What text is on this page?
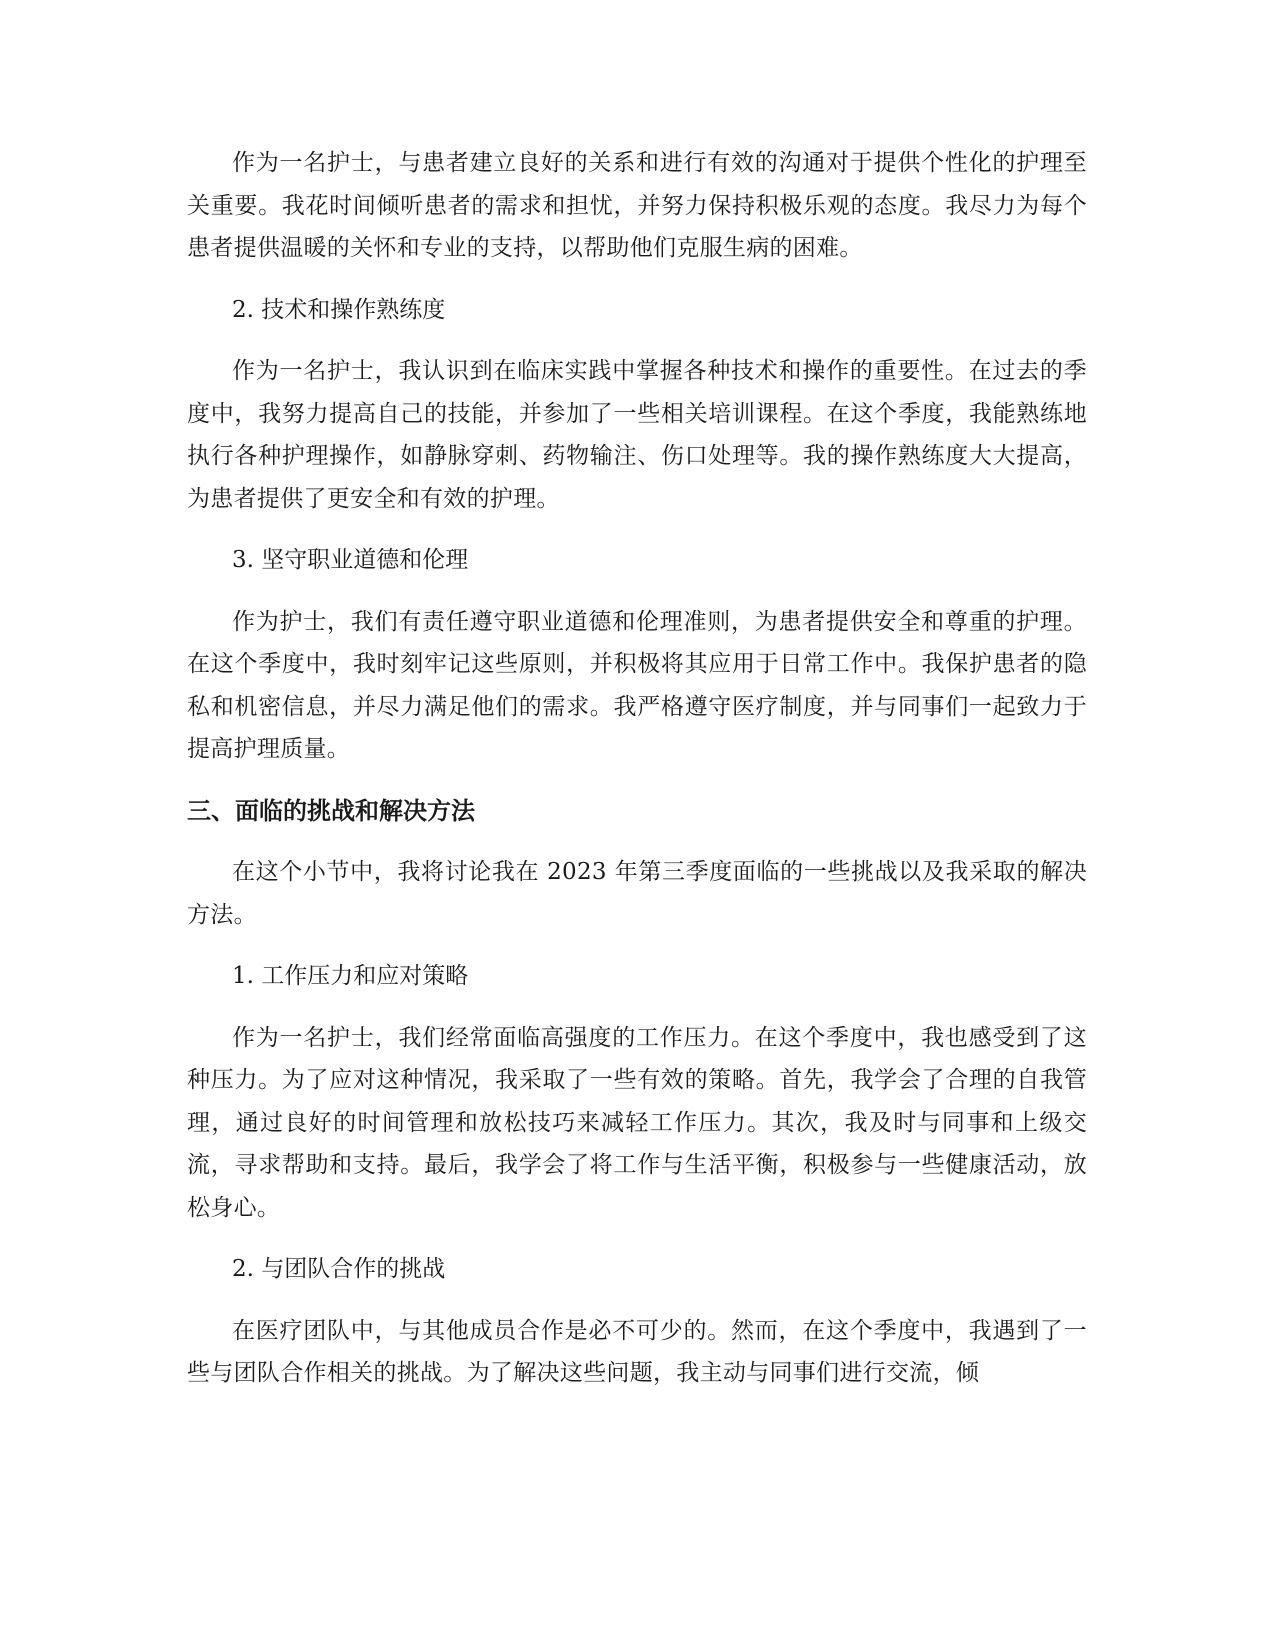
作为一名护士，与患者建立良好的关系和进行有效的沟通对于提供个性化的护理至关重要。我花时间倾听患者的需求和担忧，并努力保持积极乐观的态度。我尽力为每个患者提供温暖的关怀和专业的支持，以帮助他们克服生病的困难。

2. 技术和操作熟练度

作为一名护士，我认识到在临床实践中掌握各种技术和操作的重要性。在过去的季度中，我努力提高自己的技能，并参加了一些相关培训课程。在这个季度，我能熟练地执行各种护理操作，如静脉穿刺、药物输注、伤口处理等。我的操作熟练度大大提高，为患者提供了更安全和有效的护理。

3. 坚守职业道德和伦理

作为护士，我们有责任遵守职业道德和伦理准则，为患者提供安全和尊重的护理。在这个季度中，我时刻牢记这些原则，并积极将其应用于日常工作中。我保护患者的隐私和机密信息，并尽力满足他们的需求。我严格遵守医疗制度，并与同事们一起致力于提高护理质量。

三、面临的挑战和解决方法

在这个小节中，我将讨论我在 2023 年第三季度面临的一些挑战以及我采取的解决方法。

1. 工作压力和应对策略

作为一名护士，我们经常面临高强度的工作压力。在这个季度中，我也感受到了这种压力。为了应对这种情况，我采取了一些有效的策略。首先，我学会了合理的自我管理，通过良好的时间管理和放松技巧来减轻工作压力。其次，我及时与同事和上级交流，寻求帮助和支持。最后，我学会了将工作与生活平衡，积极参与一些健康活动，放松身心。

2. 与团队合作的挑战

在医疗团队中，与其他成员合作是必不可少的。然而，在这个季度中，我遇到了一些与团队合作相关的挑战。为了解决这些问题，我主动与同事们进行交流，倾
